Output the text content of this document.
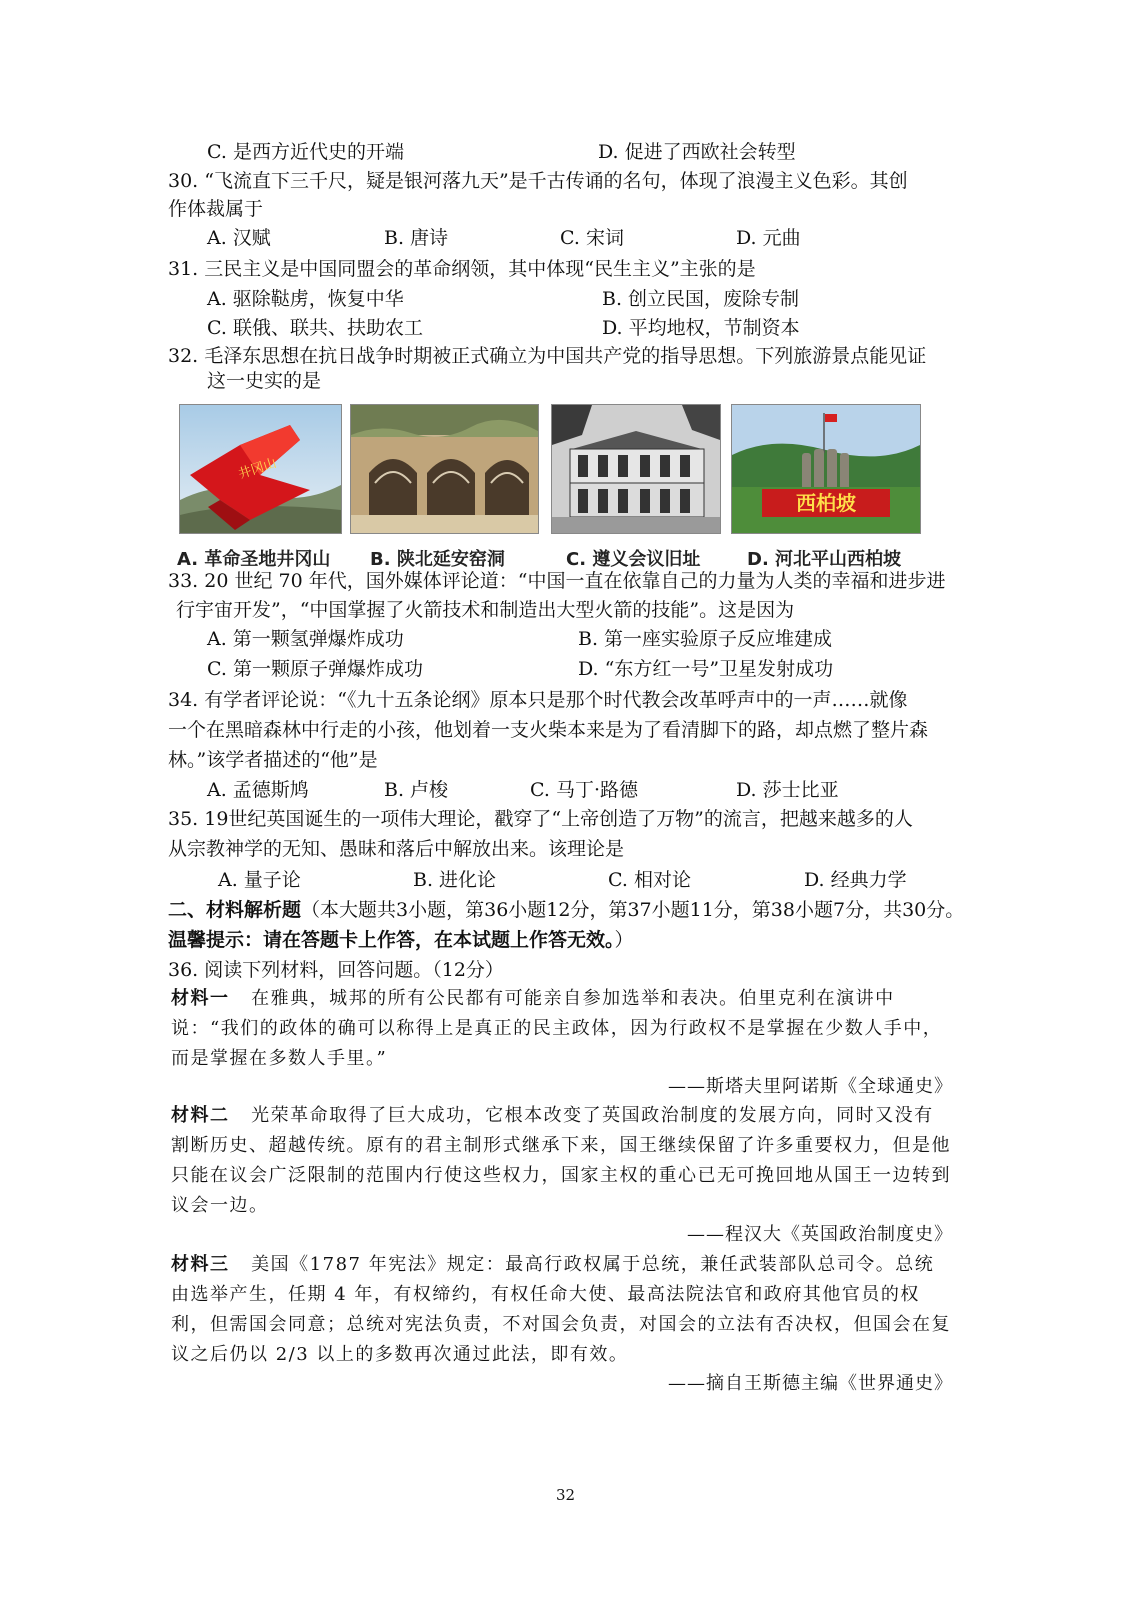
C. 是西方近代史的开端	D. 促进了西欧社会转型
30. “飞流直下三千尺，疑是银河落九天”是千古传诵的名句，体现了浪漫主义色彩。其创
作体裁属于
A. 汉赋	B. 唐诗	C. 宋词	D. 元曲
31. 三民主义是中国同盟会的革命纲领，其中体现“民生主义”主张的是
A. 驱除鞑虏，恢复中华	B. 创立民国，废除专制
C. 联俄、联共、扶助农工	D. 平均地权，节制资本
32. 毛泽东思想在抗日战争时期被正式确立为中国共产党的指导思想。下列旅游景点能见证
这一史实的是
井冈山
西柏坡
A. 革命圣地井冈山 B. 陕北延安窑洞	C. 遵义会议旧址	D. 河北平山西柏坡
33. 20 世纪 70 年代，国外媒体评论道：“中国一直在依靠自己的力量为人类的幸福和进步进
行宇宙开发”，“中国掌握了火箭技术和制造出大型火箭的技能”。这是因为
A. 第一颗氢弹爆炸成功	B. 第一座实验原子反应堆建成
C. 第一颗原子弹爆炸成功	D. “东方红一号”卫星发射成功
34. 有学者评论说：“《九十五条论纲》原本只是那个时代教会改革呼声中的一声……就像
一个在黑暗森林中行走的小孩，他划着一支火柴本来是为了看清脚下的路，却点燃了整片森
林。”该学者描述的“他”是
A. 孟德斯鸠	B. 卢梭	C. 马丁·路德	D. 莎士比亚
35. 19世纪英国诞生的一项伟大理论，戳穿了“上帝创造了万物”的流言，把越来越多的人
从宗教神学的无知、愚昧和落后中解放出来。该理论是
A. 量子论	B. 进化论	C. 相对论	D. 经典力学
二、材料解析题（本大题共3小题，第36小题12分，第37小题11分，第38小题7分，共30分。
温馨提示：请在答题卡上作答，在本试题上作答无效。）
36. 阅读下列材料，回答问题。（12分）
材料一 在雅典，城邦的所有公民都有可能亲自参加选举和表决。伯里克利在演讲中说：“我们的政体的确可以称得上是真正的民主政体，因为行政权不是掌握在少数人手中，而是掌握在多数人手里。”
——斯塔夫里阿诺斯《全球通史》
材料二 光荣革命取得了巨大成功，它根本改变了英国政治制度的发展方向，同时又没有割断历史、超越传统。原有的君主制形式继承下来，国王继续保留了许多重要权力，但是他只能在议会广泛限制的范围内行使这些权力，国家主权的重心已无可挽回地从国王一边转到议会一边。
——程汉大《英国政治制度史》
材料三 美国《1787 年宪法》规定：最高行政权属于总统，兼任武装部队总司令。总统由选举产生，任期 4 年，有权缔约，有权任命大使、最高法院法官和政府其他官员的权利，但需国会同意；总统对宪法负责，不对国会负责，对国会的立法有否决权，但国会在复议之后仍以 2/3 以上的多数再次通过此法，即有效。
——摘自王斯德主编《世界通史》
32
